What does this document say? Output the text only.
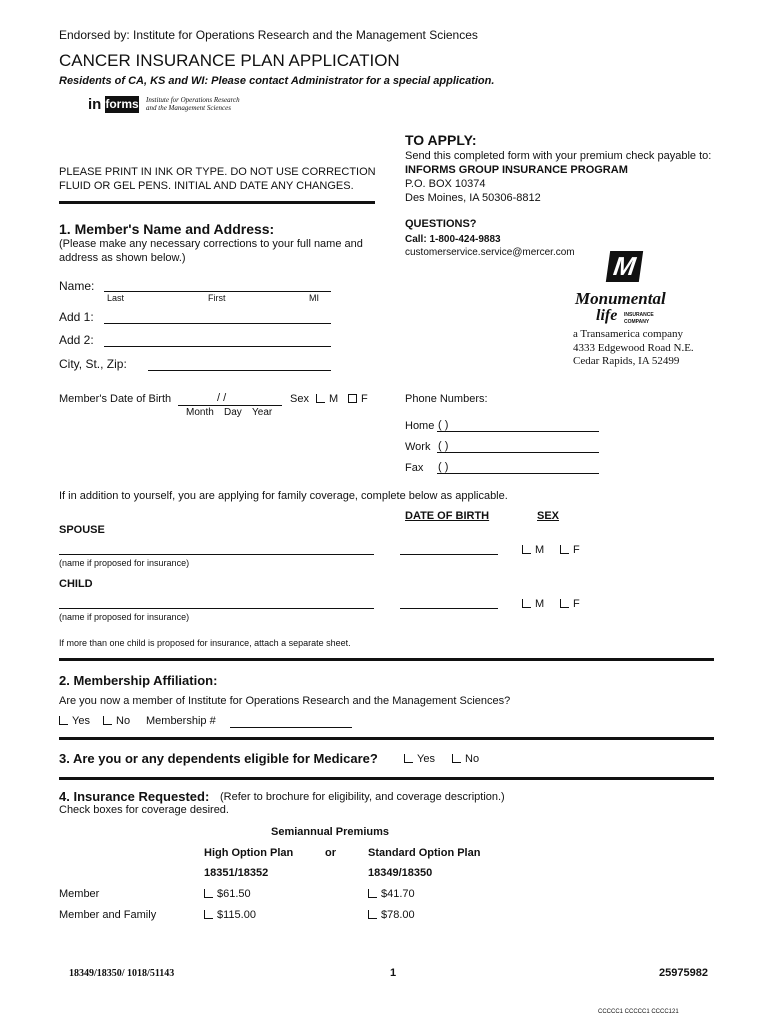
Endorsed by: Institute for Operations Research and the Management Sciences
CANCER INSURANCE PLAN APPLICATION
Residents of CA, KS and WI: Please contact Administrator for a special application.
in forms Institute for Operations Research
and the Management Sciences
PLEASE PRINT IN INK OR TYPE. DO NOT USE CORRECTION
FLUID OR GEL PENS. INITIAL AND DATE ANY CHANGES.
TO APPLY:
Send this completed form with your premium check payable to:
INFORMS GROUP INSURANCE PROGRAM
P.O. BOX 10374
Des Moines, IA 50306-8812
QUESTIONS?
Call: 1-800-424-9883
customerservice.service@mercer.com M
Monumental
life INSURANCE
COMPANY
a Transamerica company
4333 Edgewood Road N.E.
Cedar Rapids, IA 52499
1. Member's Name and Address:
(Please make any necessary corrections to your full name and
address as shown below.)
Name:
Last	First	MI
Add 1:
Add 2:
City, St., Zip:
Member's Date of Birth	/ /
Month Day Year
Sex	M	F	Phone Numbers:
Home ( )
Work ( )
Fax ( )
If in addition to yourself, you are applying for family coverage, complete below as applicable.
DATE OF BIRTH	SEX
SPOUSE
M	F
(name if proposed for insurance)
CHILD
M	F
(name if proposed for insurance)
If more than one child is proposed for insurance, attach a separate sheet.
2. Membership Affiliation:
Are you now a member of Institute for Operations Research and the Management Sciences?
Yes	No Membership #
3. Are you or any dependents eligible for Medicare?	Yes	No
4. Insurance Requested: (Refer to brochure for eligibility, and coverage description.)
Check boxes for coverage desired.
Semiannual Premiums
High Option Plan	or	Standard Option Plan
18351/18352	18349/18350
Member	$61.50	$41.70
Member and Family	$115.00	$78.00
18349/18350/ 1018/51143	1	25975982
CCCCC1 CCCCC1 CCCC121
